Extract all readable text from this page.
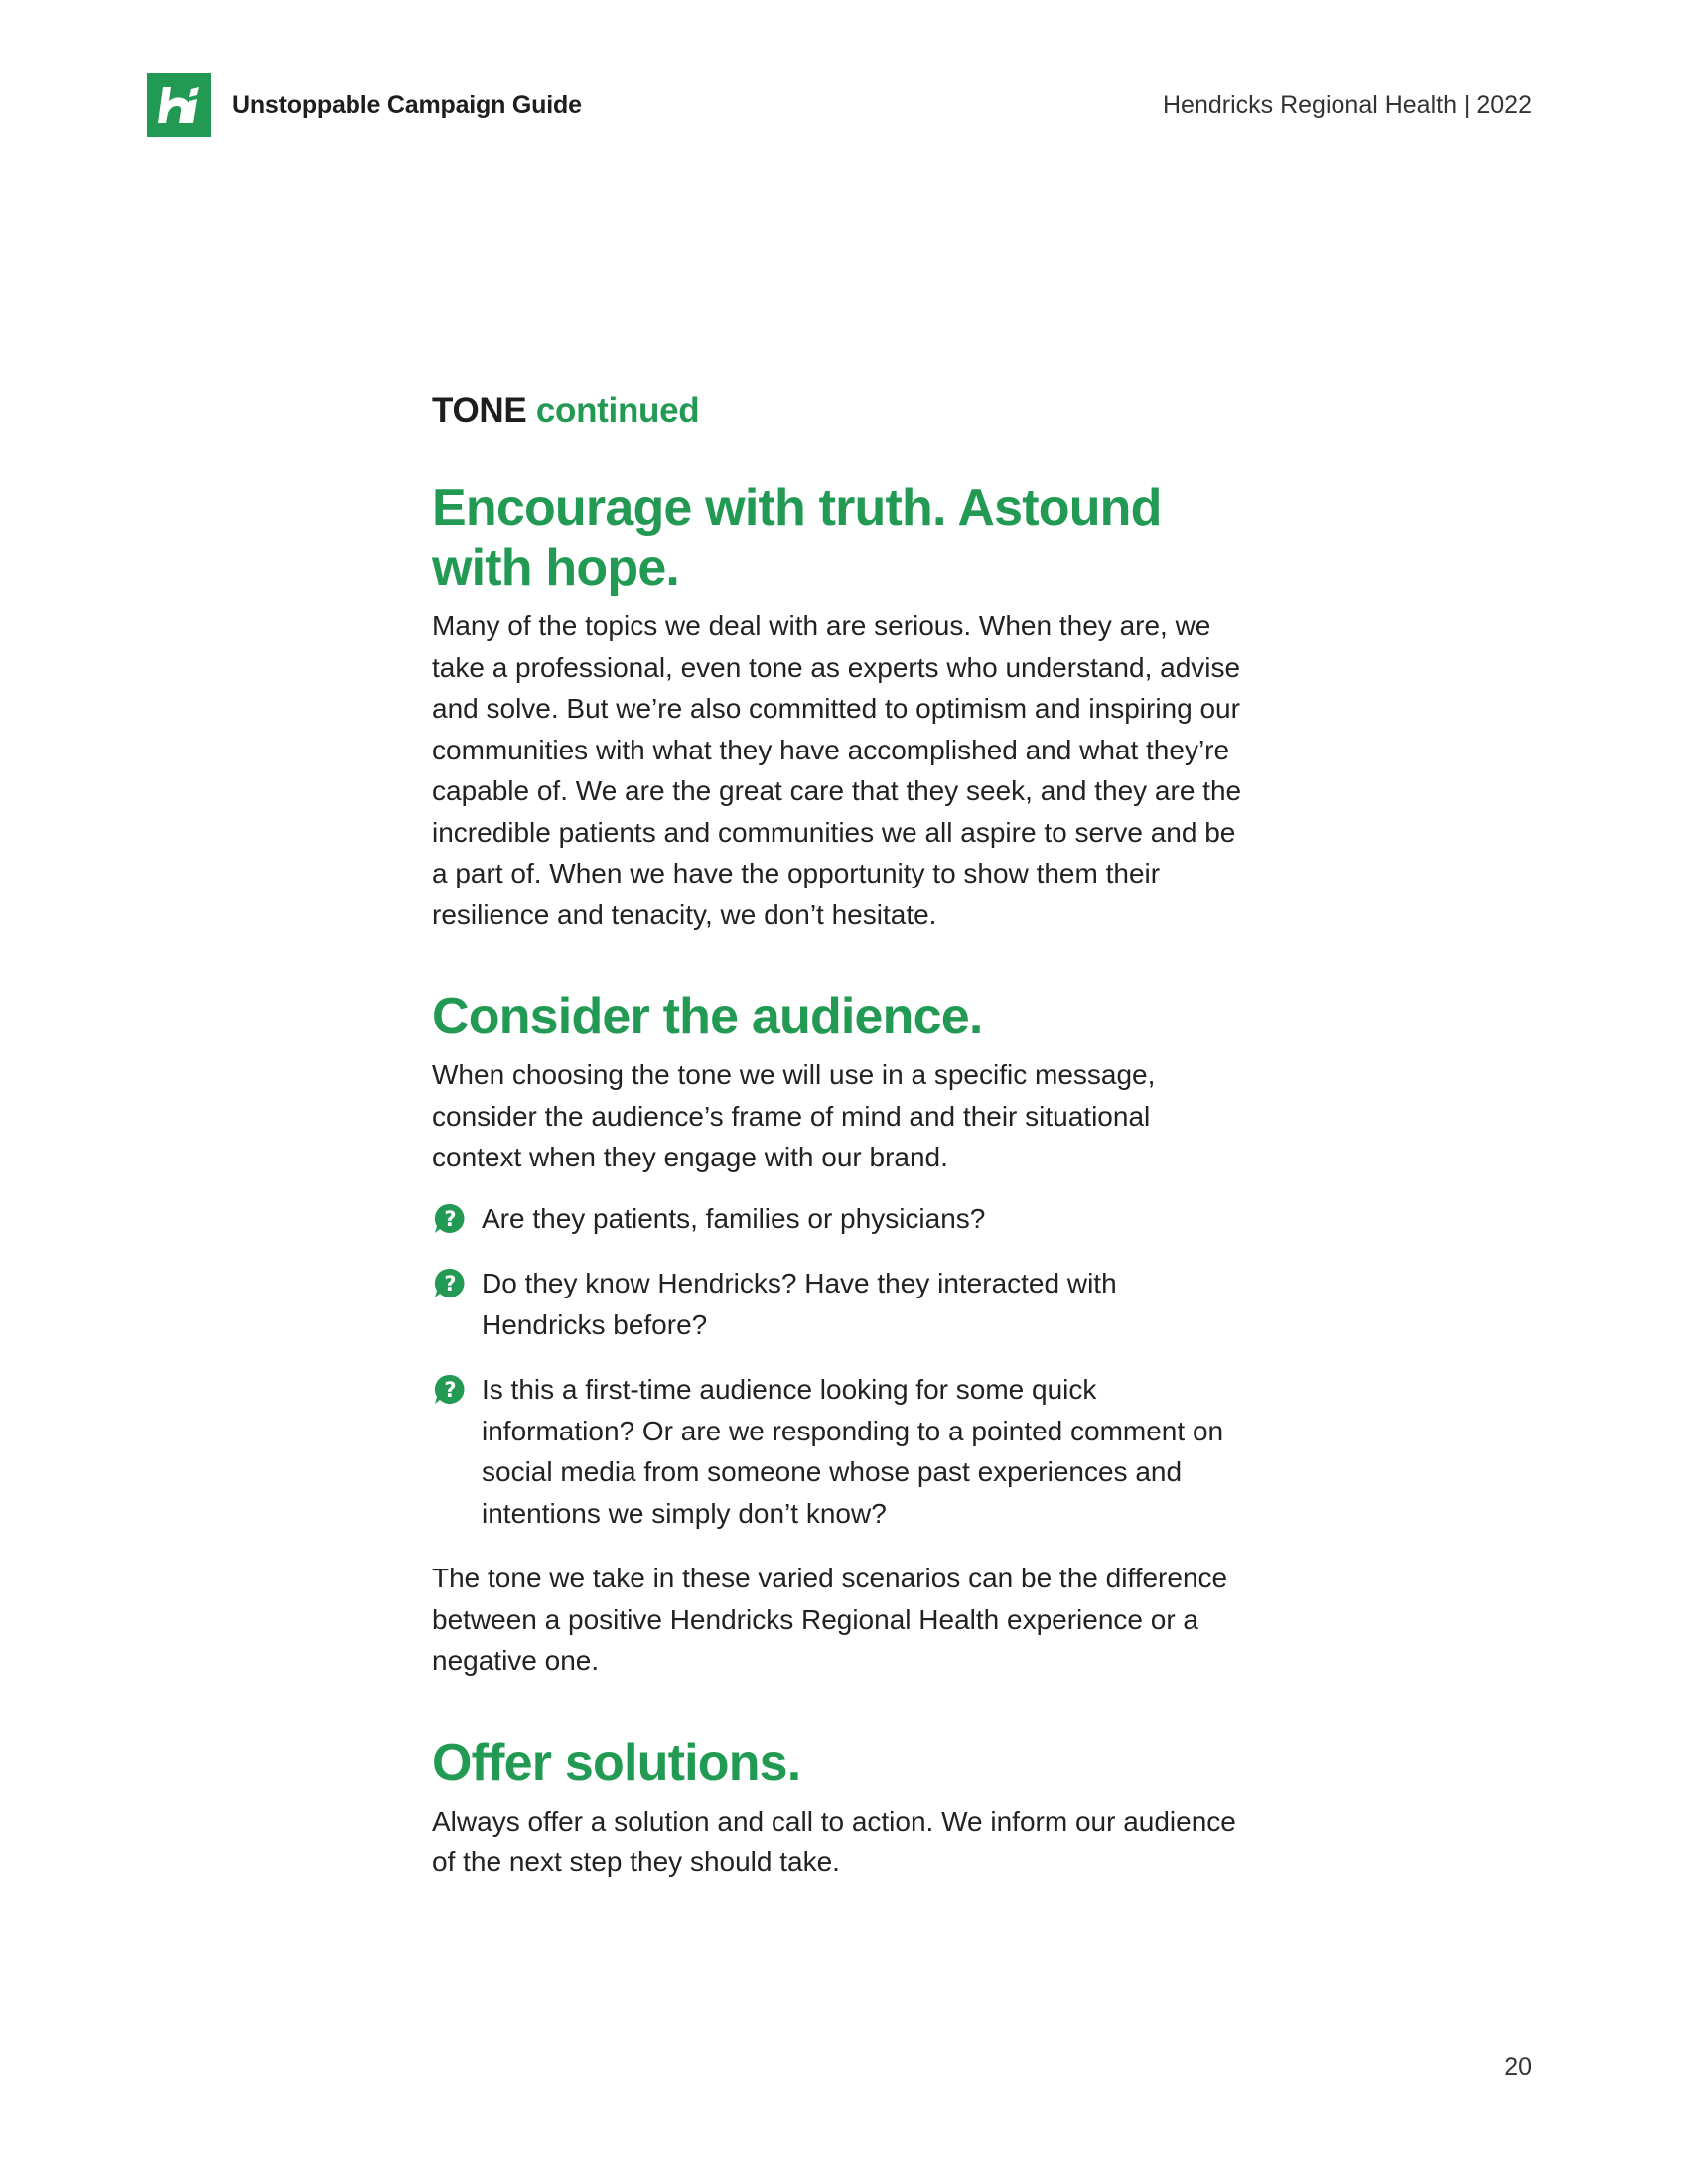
Unstoppable Campaign Guide	Hendricks Regional Health | 2022
TONE continued
Encourage with truth. Astound with hope.

Many of the topics we deal with are serious. When they are, we take a professional, even tone as experts who understand, advise and solve. But we’re also committed to optimism and inspiring our communities with what they have accomplished and what they’re capable of. We are the great care that they seek, and they are the incredible patients and communities we all aspire to serve and be a part of. When we have the opportunity to show them their resilience and tenacity, we don’t hesitate.

Consider the audience.

When choosing the tone we will use in a specific message, consider the audience’s frame of mind and their situational context when they engage with our brand.

? Are they patients, families or physicians?
? Do they know Hendricks? Have they interacted with Hendricks before?
? Is this a first-time audience looking for some quick information? Or are we responding to a pointed comment on social media from someone whose past experiences and intentions we simply don’t know?

The tone we take in these varied scenarios can be the difference between a positive Hendricks Regional Health experience or a negative one.

Offer solutions.

Always offer a solution and call to action. We inform our audience of the next step they should take.

20
